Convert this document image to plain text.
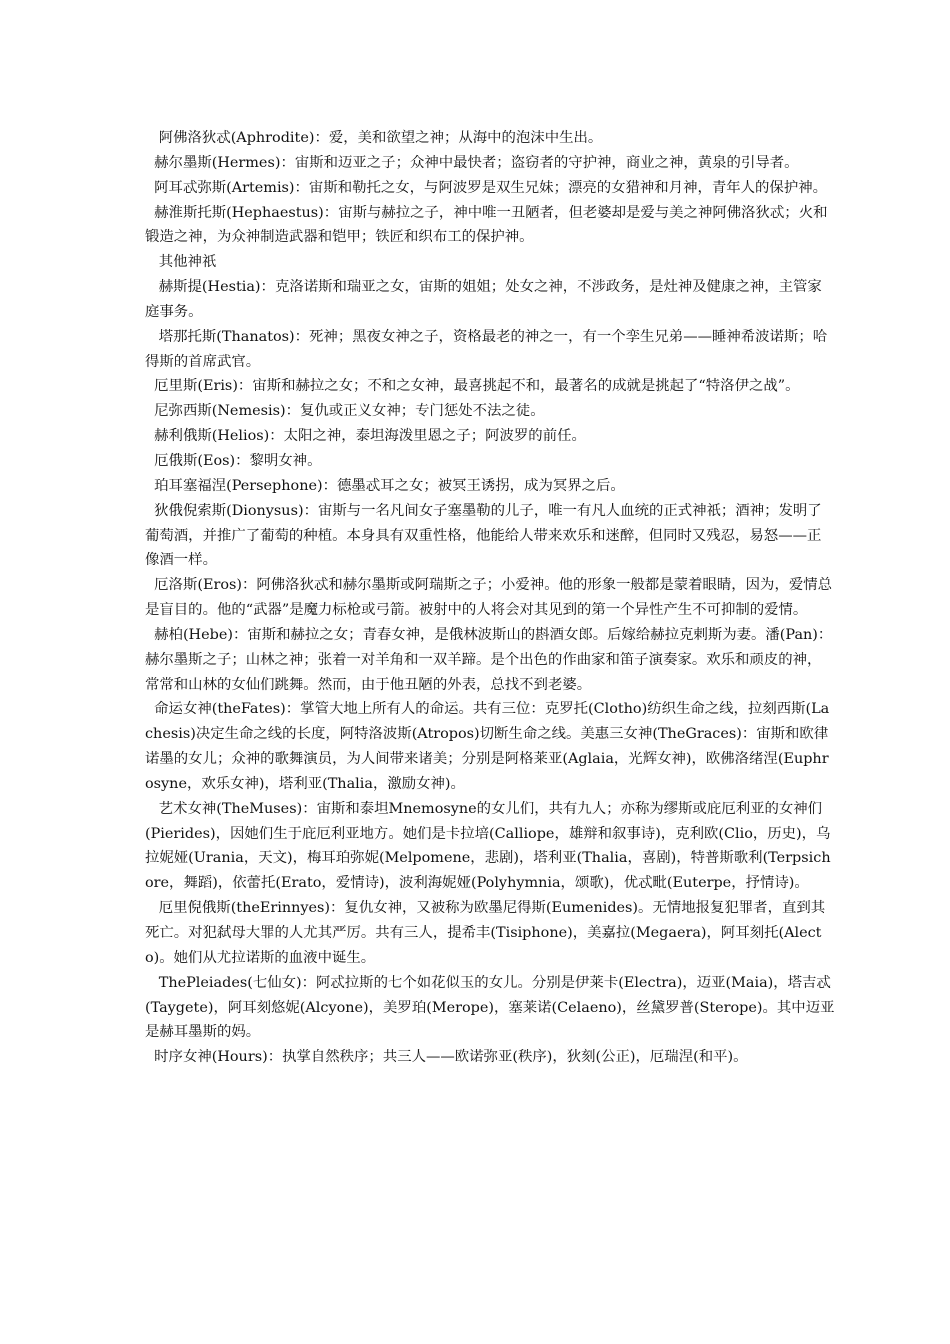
阿佛洛狄忒(Aphrodite)：爱，美和欲望之神；从海中的泡沫中生出。

赫尔墨斯(Hermes)：宙斯和迈亚之子；众神中最快者；盗窃者的守护神，商业之神，黄泉的引导者。

阿耳忒弥斯(Artemis)：宙斯和勒托之女，与阿波罗是双生兄妹；漂亮的女猎神和月神，青年人的保护神。

赫淮斯托斯(Hephaestus)：宙斯与赫拉之子，神中唯一丑陋者，但老婆却是爱与美之神阿佛洛狄忒；火和锻造之神，为众神制造武器和铠甲；铁匠和织布工的保护神。

其他神祇

赫斯提(Hestia)：克洛诺斯和瑞亚之女，宙斯的姐姐；处女之神，不涉政务，是灶神及健康之神，主管家庭事务。

塔那托斯(Thanatos)：死神；黑夜女神之子，资格最老的神之一，有一个孪生兄弟——睡神希波诺斯；哈得斯的首席武官。

厄里斯(Eris)：宙斯和赫拉之女；不和之女神，最喜挑起不和，最著名的成就是挑起了“特洛伊之战”。

尼弥西斯(Nemesis)：复仇或正义女神；专门惩处不法之徒。

赫利俄斯(Helios)：太阳之神，泰坦海泼里恩之子；阿波罗的前任。

厄俄斯(Eos)：黎明女神。

珀耳塞福涅(Persephone)：德墨忒耳之女；被冥王诱拐，成为冥界之后。

狄俄倪索斯(Dionysus)：宙斯与一名凡间女子塞墨勒的儿子，唯一有凡人血统的正式神祇；酒神；发明了葡萄酒，并推广了葡萄的种植。本身具有双重性格，他能给人带来欢乐和迷醉，但同时又残忍，易怒——正像酒一样。

厄洛斯(Eros)：阿佛洛狄忒和赫尔墨斯或阿瑞斯之子；小爱神。他的形象一般都是蒙着眼睛，因为，爱情总是盲目的。他的“武器”是魔力标枪或弓箭。被射中的人将会对其见到的第一个异性产生不可抑制的爱情。

赫柏(Hebe)：宙斯和赫拉之女；青春女神，是俄林波斯山的斟酒女郎。后嫁给赫拉克剌斯为妻。潘(Pan)：赫尔墨斯之子；山林之神；张着一对羊角和一双羊蹄。是个出色的作曲家和笛子演奏家。欢乐和顽皮的神，常常和山林的女仙们跳舞。然而，由于他丑陋的外表，总找不到老婆。

命运女神(theFates)：掌管大地上所有人的命运。共有三位：克罗托(Clotho)纺织生命之线，拉刻西斯(Lachesis)决定生命之线的长度，阿特洛波斯(Atropos)切断生命之线。美惠三女神(TheGraces)：宙斯和欧律诺墨的女儿；众神的歌舞演员，为人间带来诸美；分别是阿格莱亚(Aglaia，光辉女神)，欧佛洛绪涅(Euphrosyne，欢乐女神)，塔利亚(Thalia，激励女神)。

艺术女神(TheMuses)：宙斯和泰坦Mnemosyne的女儿们，共有九人；亦称为缪斯或庇厄利亚的女神们(Pierides)，因她们生于庇厄利亚地方。她们是卡拉培(Calliope，雄辩和叙事诗)，克利欧(Clio，历史)，乌拉妮娅(Urania，天文)，梅耳珀弥妮(Melpomene，悲剧)，塔利亚(Thalia，喜剧)，特普斯歌利(Terpsichore，舞蹈)，依蕾托(Erato，爱情诗)，波利海妮娅(Polyhymnia，颂歌)，优忒毗(Euterpe，抒情诗)。

厄里倪俄斯(theErinnyes)：复仇女神，又被称为欧墨尼得斯(Eumenides)。无情地报复犯罪者，直到其死亡。对犯弑母大罪的人尤其严厉。共有三人，提希丰(Tisiphone)，美嘉拉(Megaera)，阿耳刻托(Alecto)。她们从尤拉诺斯的血液中诞生。

ThePleiades(七仙女)：阿忒拉斯的七个如花似玉的女儿。分别是伊莱卡(Electra)，迈亚(Maia)，塔吉忒(Taygete)，阿耳刻悠妮(Alcyone)，美罗珀(Merope)，塞莱诺(Celaeno)，丝黛罗普(Sterope)。其中迈亚是赫耳墨斯的妈。

时序女神(Hours)：执掌自然秩序；共三人——欧诺弥亚(秩序)，狄刻(公正)，厄瑞涅(和平)。
